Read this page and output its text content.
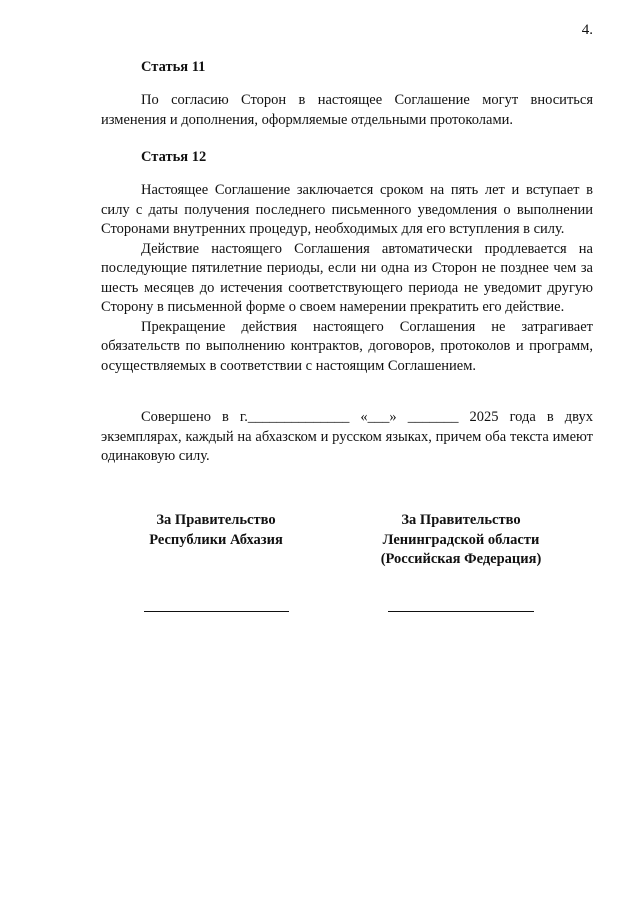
4.
Статья 11

По согласию Сторон в настоящее Соглашение могут вноситься изменения и дополнения, оформляемые отдельными протоколами.

Статья 12

Настоящее Соглашение заключается сроком на пять лет и вступает в силу с даты получения последнего письменного уведомления о выполнении Сторонами внутренних процедур, необходимых для его вступления в силу.

Действие настоящего Соглашения автоматически продлевается на последующие пятилетние периоды, если ни одна из Сторон не позднее чем за шесть месяцев до истечения соответствующего периода не уведомит другую Сторону в письменной форме о своем намерении прекратить его действие.

Прекращение действия настоящего Соглашения не затрагивает обязательств по выполнению контрактов, договоров, протоколов и программ, осуществляемых в соответствии с настоящим Соглашением.

Совершено в г.______________ «___» _______ 2025 года в двух экземплярах, каждый на абхазском и русском языках, причем оба текста имеют одинаковую силу.

За Правительство
Республики Абхазия
За Правительство
Ленинградской области
(Российская Федерация)
